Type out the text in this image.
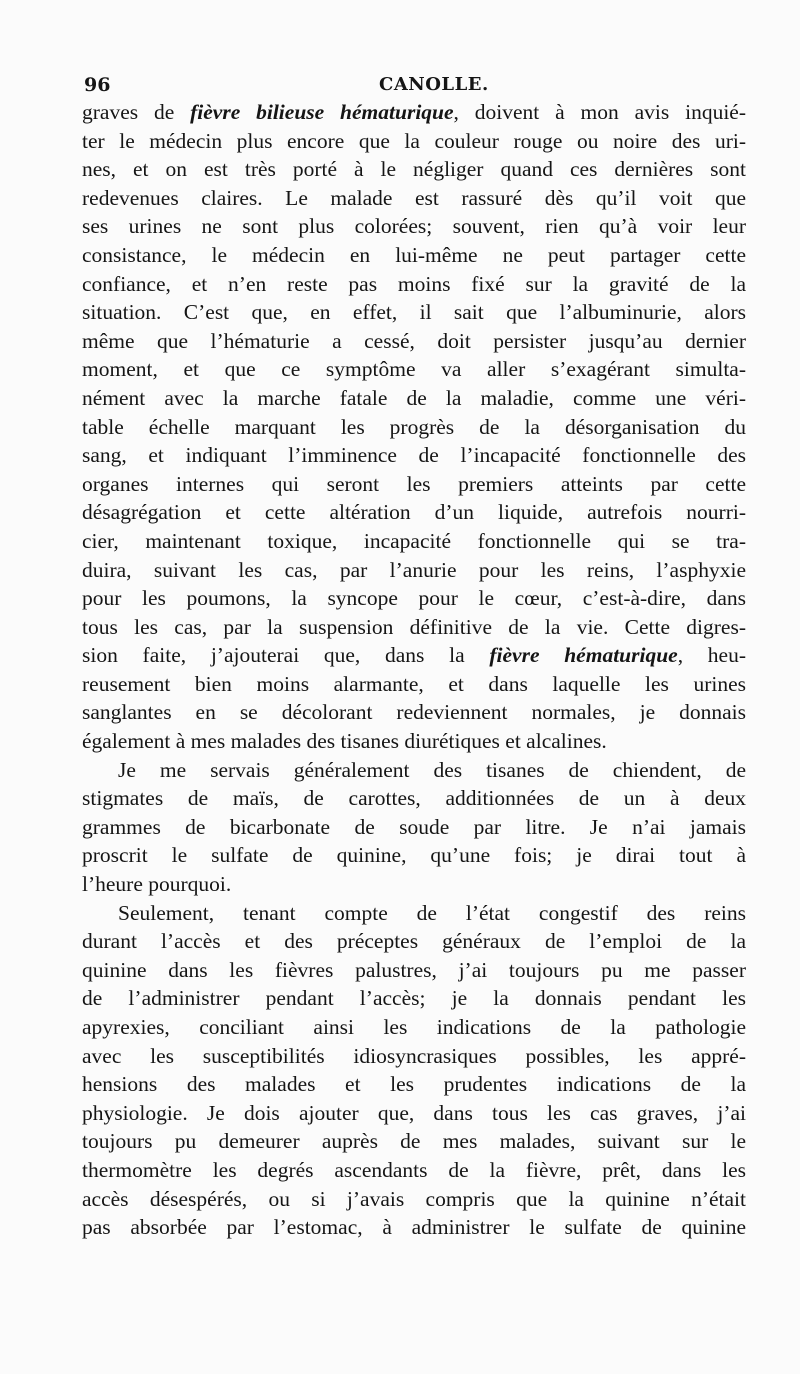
96	CANOLLE.
graves de fièvre bilieuse hématurique, doivent à mon avis inquié-
ter le médecin plus encore que la couleur rouge ou noire des uri-
nes, et on est très porté à le négliger quand ces dernières sont
redevenues claires. Le malade est rassuré dès qu’il voit que
ses urines ne sont plus colorées; souvent, rien qu’à voir leur
consistance, le médecin en lui-même ne peut partager cette
confiance, et n’en reste pas moins fixé sur la gravité de la
situation. C’est que, en effet, il sait que l’albuminurie, alors
même que l’hématurie a cessé, doit persister jusqu’au dernier
moment, et que ce symptôme va aller s’exagérant simulta-
nément avec la marche fatale de la maladie, comme une véri-
table échelle marquant les progrès de la désorganisation du
sang, et indiquant l’imminence de l’incapacité fonctionnelle des
organes internes qui seront les premiers atteints par cette
désagrégation et cette altération d’un liquide, autrefois nourri-
cier, maintenant toxique, incapacité fonctionnelle qui se tra-
duira, suivant les cas, par l’anurie pour les reins, l’asphyxie
pour les poumons, la syncope pour le cœur, c’est-à-dire, dans
tous les cas, par la suspension définitive de la vie. Cette digres-
sion faite, j’ajouterai que, dans la fièvre hématurique, heu-
reusement bien moins alarmante, et dans laquelle les urines
sanglantes en se décolorant redeviennent normales, je donnais
également à mes malades des tisanes diurétiques et alcalines.
Je me servais généralement des tisanes de chiendent, de
stigmates de maïs, de carottes, additionnées de un à deux
grammes de bicarbonate de soude par litre. Je n’ai jamais
proscrit le sulfate de quinine, qu’une fois; je dirai tout à
l’heure pourquoi.
Seulement, tenant compte de l’état congestif des reins
durant l’accès et des préceptes généraux de l’emploi de la
quinine dans les fièvres palustres, j’ai toujours pu me passer
de l’administrer pendant l’accès; je la donnais pendant les
apyrexies, conciliant ainsi les indications de la pathologie
avec les susceptibilités idiosyncrasiques possibles, les appré-
hensions des malades et les prudentes indications de la
physiologie. Je dois ajouter que, dans tous les cas graves, j’ai
toujours pu demeurer auprès de mes malades, suivant sur le
thermomètre les degrés ascendants de la fièvre, prêt, dans les
accès désespérés, ou si j’avais compris que la quinine n’était
pas absorbée par l’estomac, à administrer le sulfate de quinine
